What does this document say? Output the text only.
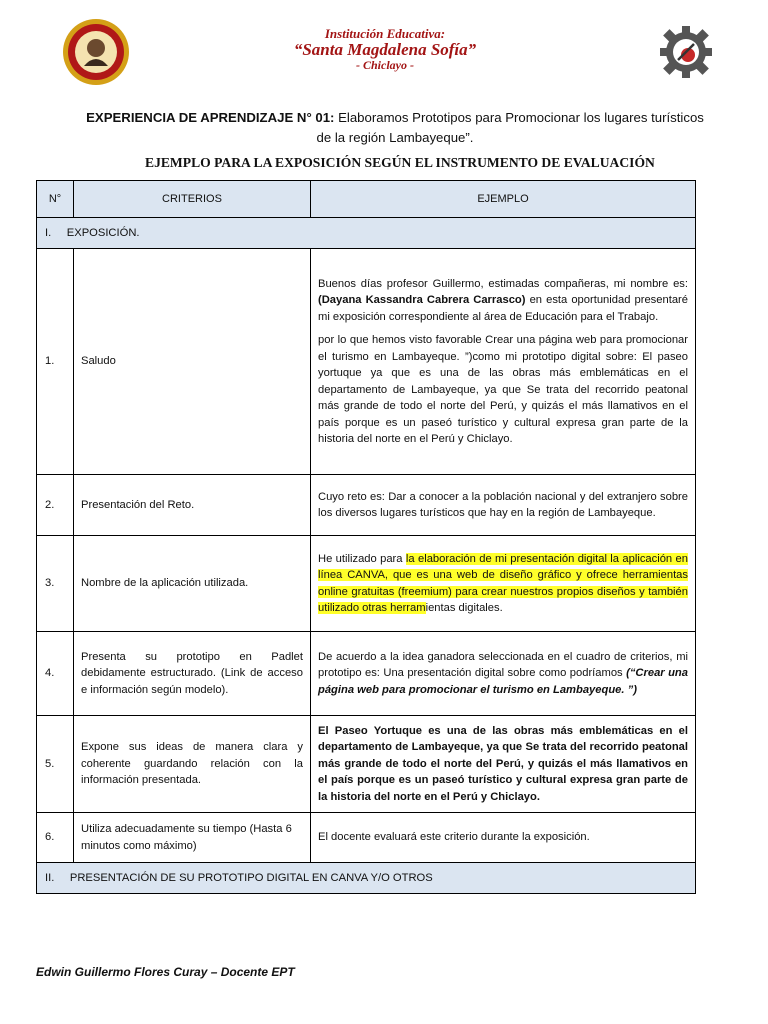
Institución Educativa:
“Santa Magdalena Sofía”
- Chiclayo -
EXPERIENCIA DE APRENDIZAJE N° 01: Elaboramos Prototipos para Promocionar los lugares turísticos de la región Lambayeque”.
EJEMPLO PARA LA EXPOSICIÓN SEGÚN EL INSTRUMENTO DE EVALUACIÓN
N°	CRITERIOS	EJEMPLO
I. EXPOSICIÓN.		
1.	Saludo	Buenos días profesor Guillermo, estimadas compañeras, mi nombre es: (Dayana Kassandra Cabrera Carrasco) en esta oportunidad presentaré mi exposición correspondiente al área de Educación para el Trabajo.

por lo que hemos visto favorable Crear una página web para promocionar el turismo en Lambayeque. ”)como mi prototipo digital sobre: El paseo yortuque ya que es una de las obras más emblemáticas en el departamento de Lambayeque, ya que Se trata del recorrido peatonal más grande de todo el norte del Perú, y quizás el más llamativos en el país porque es un paseó turístico y cultural expresa gran parte de la historia del norte en el Perú y Chiclayo.

2.	Presentación del Reto.	Cuyo reto es: Dar a conocer a la población nacional y del extranjero sobre los diversos lugares turísticos que hay en la región de Lambayeque.
3.	Nombre de la aplicación utilizada.	He utilizado para la elaboración de mi presentación digital la aplicación en línea CANVA, que es una web de diseño gráfico y ofrece herramientas online gratuitas (freemium) para crear nuestros propios diseños y también utilizado otras herramientas digitales.
4.	Presenta su prototipo en Padlet debidamente estructurado. (Link de acceso e información según modelo).	De acuerdo a la idea ganadora seleccionada en el cuadro de criterios, mi prototipo es: Una presentación digital sobre como podríamos (“Crear una página web para promocionar el turismo en Lambayeque. ”)
5.	Expone sus ideas de manera clara y coherente guardando relación con la información presentada.	El Paseo Yortuque es una de las obras más emblemáticas en el departamento de Lambayeque, ya que Se trata del recorrido peatonal más grande de todo el norte del Perú, y quizás el más llamativos en el país porque es un paseó turístico y cultural expresa gran parte de la historia del norte en el Perú y Chiclayo.
6.	Utiliza adecuadamente su tiempo (Hasta 6 minutos como máximo)	El docente evaluará este criterio durante la exposición.
II. PRESENTACIÓN DE SU PROTOTIPO DIGITAL EN CANVA Y/O OTROS		
Edwin Guillermo Flores Curay – Docente EPT
